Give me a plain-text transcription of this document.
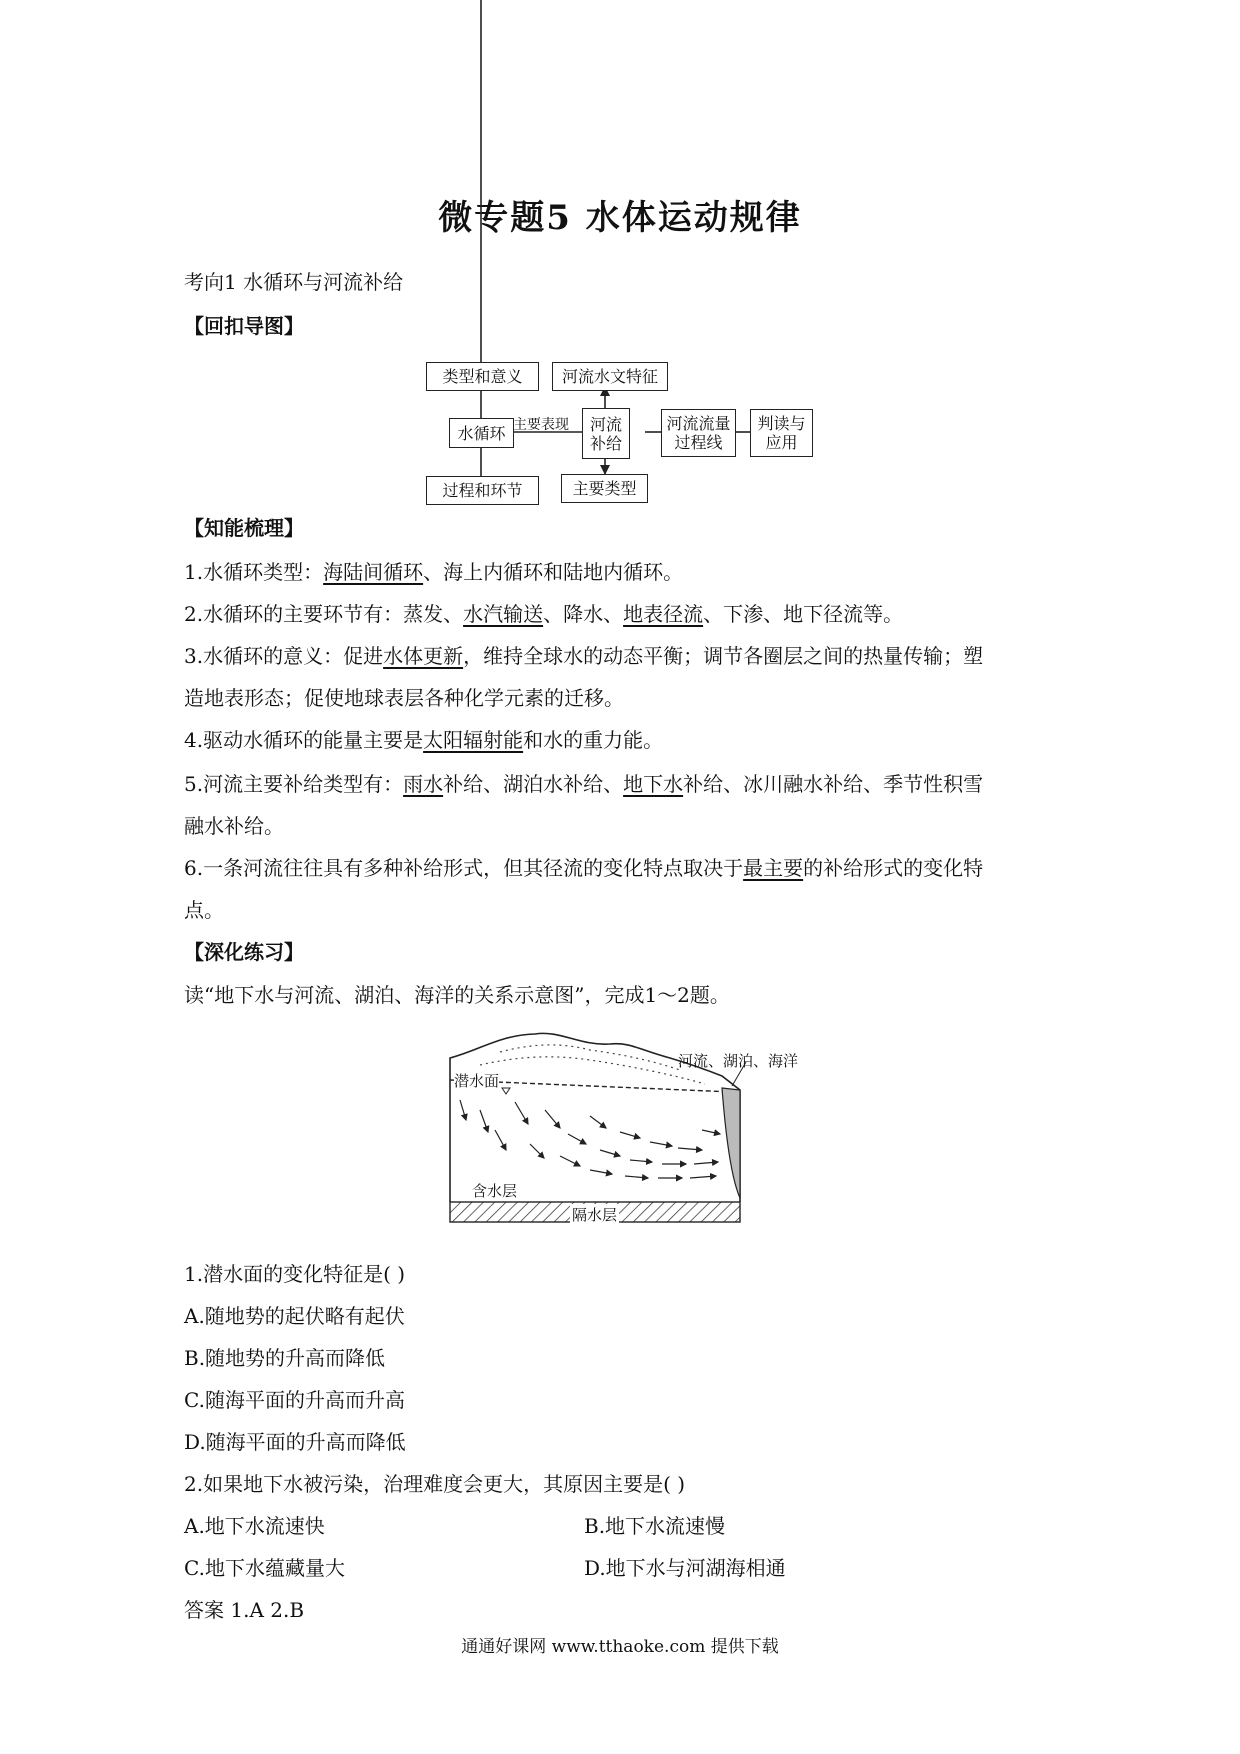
微专题5 水体运动规律
考向1 水循环与河流补给
【回扣导图】
类型和意义
水循环
过程和环节
主要表现	河流补给
河流水文特征
主要类型
河流流量过程线
判读与应用
【知能梳理】
1.水循环类型：海陆间循环、海上内循环和陆地内循环。
2.水循环的主要环节有：蒸发、水汽输送、降水、地表径流、下渗、地下径流等。
3.水循环的意义：促进水体更新，维持全球水的动态平衡；调节各圈层之间的热量传输；塑
造地表形态；促使地球表层各种化学元素的迁移。
4.驱动水循环的能量主要是太阳辐射能和水的重力能。
5.河流主要补给类型有：雨水补给、湖泊水补给、地下水补给、冰川融水补给、季节性积雪
融水补给。
6.一条河流往往具有多种补给形式，但其径流的变化特点取决于最主要的补给形式的变化特
点。
【深化练习】
读“地下水与河流、湖泊、海洋的关系示意图”，完成1～2题。
河流、湖泊、海洋
潜水面
含水层
隔水层
1.潜水面的变化特征是( )
A.随地势的起伏略有起伏
B.随地势的升高而降低
C.随海平面的升高而升高
D.随海平面的升高而降低
2.如果地下水被污染，治理难度会更大，其原因主要是( )
A.地下水流速快	B.地下水流速慢
C.地下水蕴藏量大	D.地下水与河湖海相通
答案 1.A 2.B
通通好课网 www.tthaoke.com 提供下载
